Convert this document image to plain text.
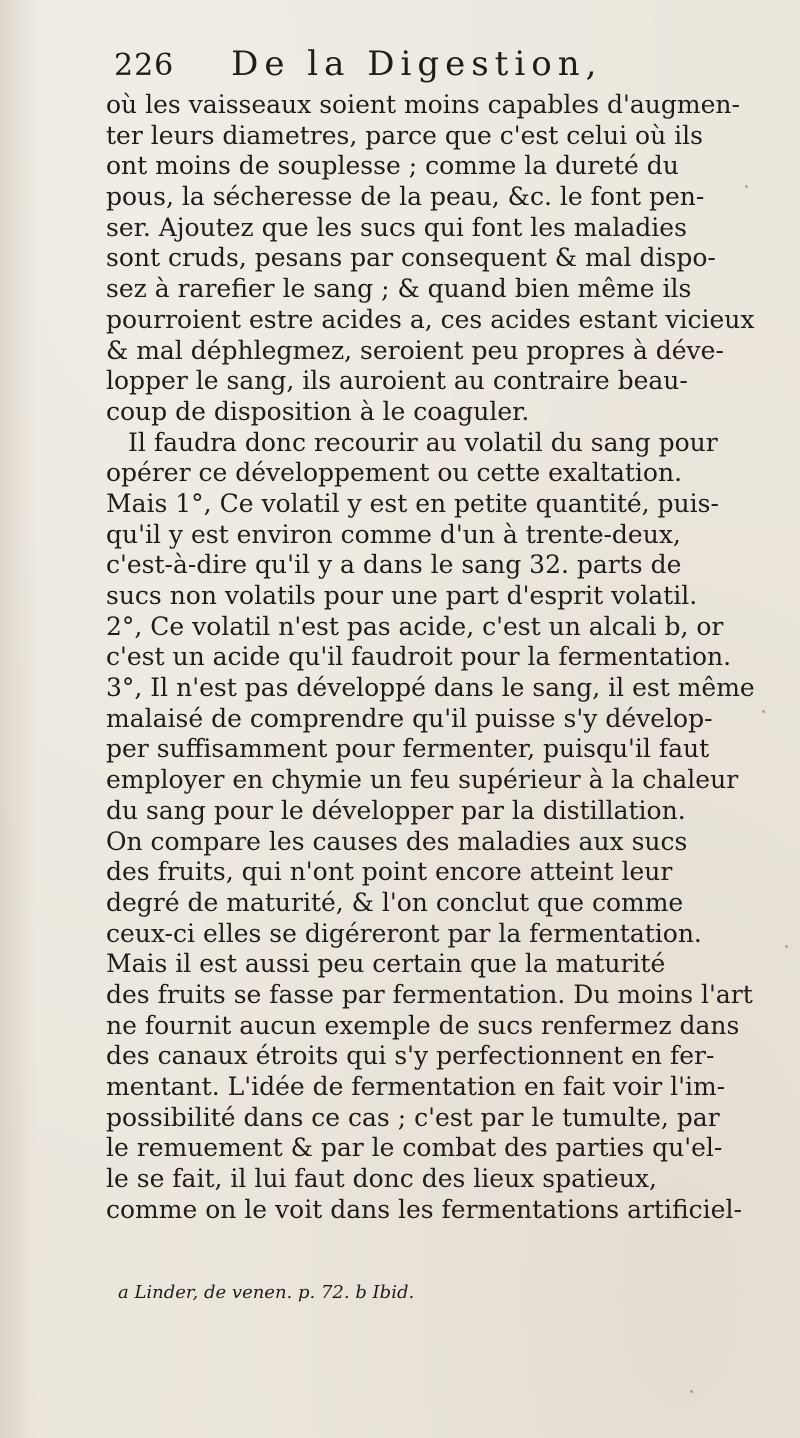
226 De la Digestion,
où les vaisseaux soient moins capables d'augmen-
ter leurs diametres, parce que c'est celui où ils
ont moins de souplesse ; comme la dureté du
pous, la sécheresse de la peau, &c. le font pen-
ser. Ajoutez que les sucs qui font les maladies
sont cruds, pesans par consequent & mal dispo-
sez à rarefier le sang ; & quand bien même ils
pourroient estre acides a, ces acides estant vicieux
& mal déphlegmez, seroient peu propres à déve-
lopper le sang, ils auroient au contraire beau-
coup de disposition à le coaguler.
Il faudra donc recourir au volatil du sang pour
opérer ce développement ou cette exaltation.
Mais 1°, Ce volatil y est en petite quantité, puis-
qu'il y est environ comme d'un à trente-deux,
c'est-à-dire qu'il y a dans le sang 32. parts de
sucs non volatils pour une part d'esprit volatil.
2°, Ce volatil n'est pas acide, c'est un alcali b, or
c'est un acide qu'il faudroit pour la fermentation.
3°, Il n'est pas développé dans le sang, il est même
malaisé de comprendre qu'il puisse s'y dévelop-
per suffisamment pour fermenter, puisqu'il faut
employer en chymie un feu supérieur à la chaleur
du sang pour le développer par la distillation.
On compare les causes des maladies aux sucs
des fruits, qui n'ont point encore atteint leur
degré de maturité, & l'on conclut que comme
ceux-ci elles se digéreront par la fermentation.
Mais il est aussi peu certain que la maturité
des fruits se fasse par fermentation. Du moins l'art
ne fournit aucun exemple de sucs renfermez dans
des canaux étroits qui s'y perfectionnent en fer-
mentant. L'idée de fermentation en fait voir l'im-
possibilité dans ce cas ; c'est par le tumulte, par
le remuement & par le combat des parties qu'el-
le se fait, il lui faut donc des lieux spatieux,
comme on le voit dans les fermentations artificiel-
a Linder, de venen. p. 72. b Ibid.
